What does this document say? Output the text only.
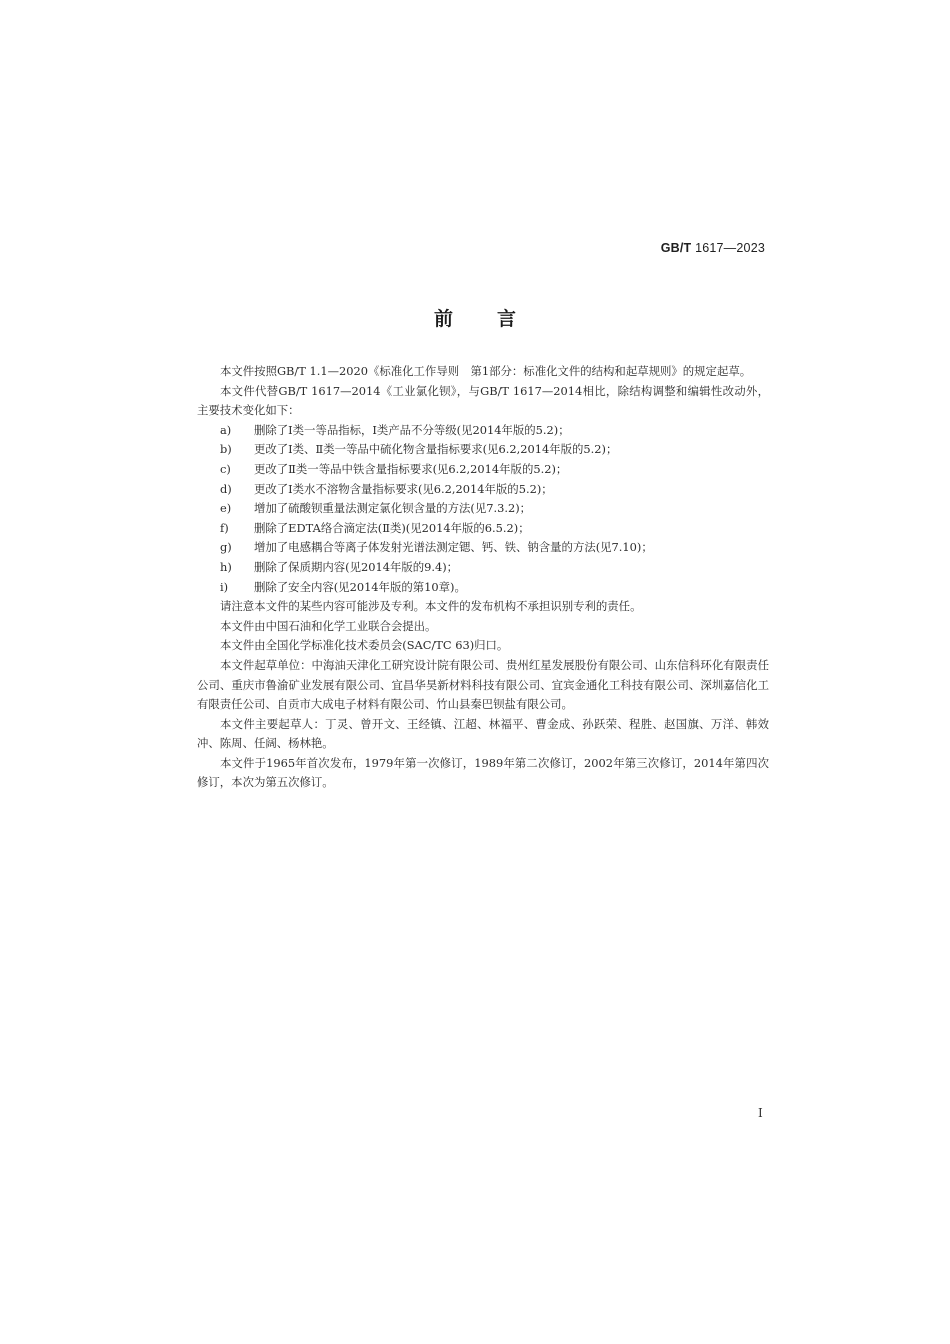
GB/T 1617—2023
前言

本文件按照GB/T 1.1—2020《标准化工作导则　第1部分：标准化文件的结构和起草规则》的规定起草。

本文件代替GB/T 1617—2014《工业氯化钡》，与GB/T 1617—2014相比，除结构调整和编辑性改动外，主要技术变化如下：

a)	删除了Ⅰ类一等品指标，Ⅰ类产品不分等级(见2014年版的5.2)；
b)	更改了Ⅰ类、Ⅱ类一等品中硫化物含量指标要求(见6.2,2014年版的5.2)；
c)	更改了Ⅱ类一等品中铁含量指标要求(见6.2,2014年版的5.2)；
d)	更改了Ⅰ类水不溶物含量指标要求(见6.2,2014年版的5.2)；
e)	增加了硫酸钡重量法测定氯化钡含量的方法(见7.3.2)；
f)	删除了EDTA络合滴定法(Ⅱ类)(见2014年版的6.5.2)；
g)	增加了电感耦合等离子体发射光谱法测定锶、钙、铁、钠含量的方法(见7.10)；
h)	删除了保质期内容(见2014年版的9.4)；
i)	删除了安全内容(见2014年版的第10章)。

请注意本文件的某些内容可能涉及专利。本文件的发布机构不承担识别专利的责任。

本文件由中国石油和化学工业联合会提出。

本文件由全国化学标准化技术委员会(SAC/TC 63)归口。

本文件起草单位：中海油天津化工研究设计院有限公司、贵州红星发展股份有限公司、山东信科环化有限责任公司、重庆市鲁渝矿业发展有限公司、宜昌华昊新材料科技有限公司、宜宾金通化工科技有限公司、深圳嘉信化工有限责任公司、自贡市大成电子材料有限公司、竹山县秦巴钡盐有限公司。

本文件主要起草人：丁灵、曾开文、王经镇、江超、林福平、曹金成、孙跃荣、程胜、赵国旗、万洋、韩效冲、陈周、任阔、杨林艳。

本文件于1965年首次发布，1979年第一次修订，1989年第二次修订，2002年第三次修订，2014年第四次修订，本次为第五次修订。

Ⅰ
